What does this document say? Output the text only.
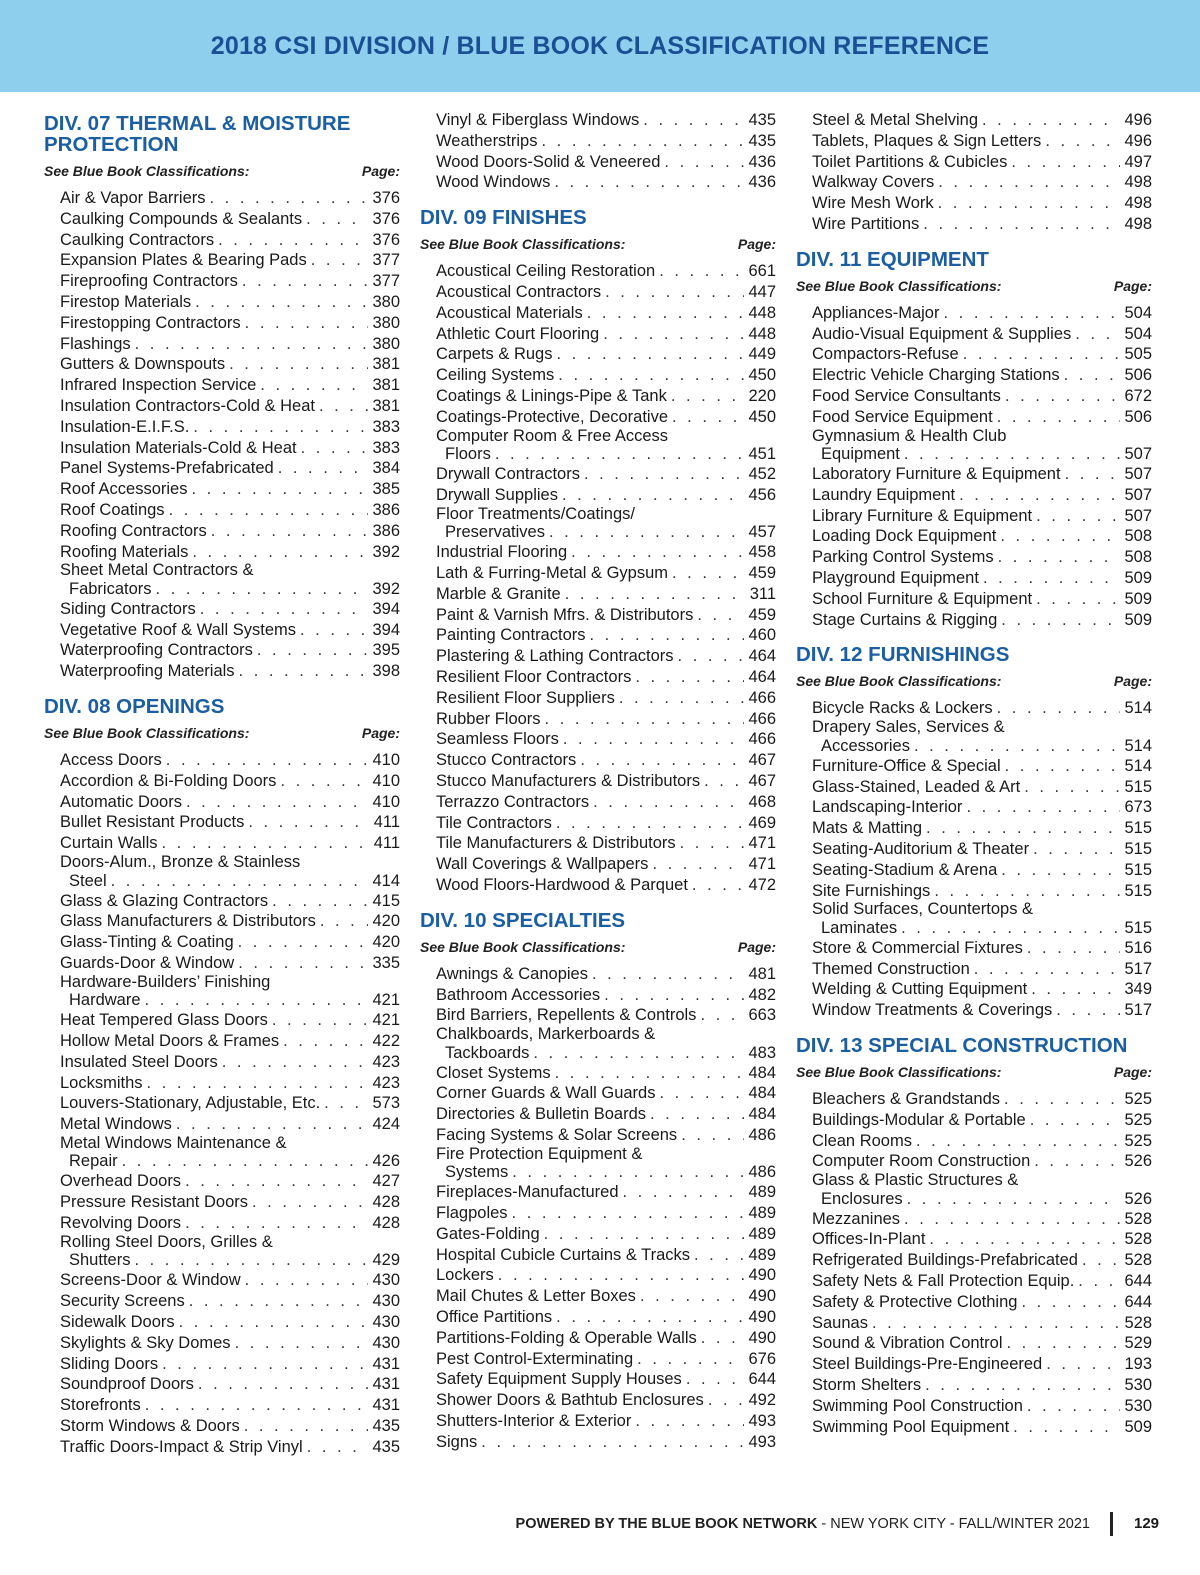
2018 CSI DIVISION / BLUE BOOK CLASSIFICATION REFERENCE
DIV. 07 THERMAL & MOISTURE PROTECTION
See Blue Book Classifications:	Page:
Air & Vapor Barriers . . .	376
Caulking Compounds & Sealants . . .	376
Caulking Contractors . . .	376
Expansion Plates & Bearing Pads . . .	377
Fireproofing Contractors . . .	377
Firestop Materials . . .	380
Firestopping Contractors . . .	380
Flashings . . .	380
Gutters & Downspouts . . .	381
Infrared Inspection Service . . .	381
Insulation Contractors-Cold & Heat . . .	381
Insulation-E.I.F.S. . . .	383
Insulation Materials-Cold & Heat . . .	383
Panel Systems-Prefabricated . . .	384
Roof Accessories . . .	385
Roof Coatings . . .	386
Roofing Contractors . . .	386
Roofing Materials . . .	392
Sheet Metal Contractors &
Fabricators . . .	392
Siding Contractors . . .	394
Vegetative Roof & Wall Systems . . .	394
Waterproofing Contractors . . .	395
Waterproofing Materials . . .	398
DIV. 08 OPENINGS
See Blue Book Classifications:	Page:
Access Doors . . .	410
Accordion & Bi-Folding Doors . . .	410
Automatic Doors . . .	410
Bullet Resistant Products . . .	411
Curtain Walls . . .	411
Doors-Alum., Bronze & Stainless
Steel . . .	414
Glass & Glazing Contractors . . .	415
Glass Manufacturers & Distributors . . .	420
Glass-Tinting & Coating . . .	420
Guards-Door & Window . . .	335
Hardware-Builders’ Finishing
Hardware . . .	421
Heat Tempered Glass Doors . . .	421
Hollow Metal Doors & Frames . . .	422
Insulated Steel Doors . . .	423
Locksmiths . . .	423
Louvers-Stationary, Adjustable, Etc. . . .	573
Metal Windows . . .	424
Metal Windows Maintenance &
Repair . . .	426
Overhead Doors . . .	427
Pressure Resistant Doors . . .	428
Revolving Doors . . .	428
Rolling Steel Doors, Grilles &
Shutters . . .	429
Screens-Door & Window . . .	430
Security Screens . . .	430
Sidewalk Doors . . .	430
Skylights & Sky Domes . . .	430
Sliding Doors . . .	431
Soundproof Doors . . .	431
Storefronts . . .	431
Storm Windows & Doors . . .	435
Traffic Doors-Impact & Strip Vinyl . . .	435
Vinyl & Fiberglass Windows . . .	435
Weatherstrips . . .	435
Wood Doors-Solid & Veneered . . .	436
Wood Windows . . .	436
DIV. 09 FINISHES
See Blue Book Classifications:	Page:
Acoustical Ceiling Restoration . . .	661
Acoustical Contractors . . .	447
Acoustical Materials . . .	448
Athletic Court Flooring . . .	448
Carpets & Rugs . . .	449
Ceiling Systems . . .	450
Coatings & Linings-Pipe & Tank . . .	220
Coatings-Protective, Decorative . . .	450
Computer Room & Free Access
Floors . . .	451
Drywall Contractors . . .	452
Drywall Supplies . . .	456
Floor Treatments/Coatings/
Preservatives . . .	457
Industrial Flooring . . .	458
Lath & Furring-Metal & Gypsum . . .	459
Marble & Granite . . .	311
Paint & Varnish Mfrs. & Distributors . . .	459
Painting Contractors . . .	460
Plastering & Lathing Contractors . . .	464
Resilient Floor Contractors . . .	464
Resilient Floor Suppliers . . .	466
Rubber Floors . . .	466
Seamless Floors . . .	466
Stucco Contractors . . .	467
Stucco Manufacturers & Distributors . . .	467
Terrazzo Contractors . . .	468
Tile Contractors . . .	469
Tile Manufacturers & Distributors . . .	471
Wall Coverings & Wallpapers . . .	471
Wood Floors-Hardwood & Parquet . . .	472
DIV. 10 SPECIALTIES
See Blue Book Classifications:	Page:
Awnings & Canopies . . .	481
Bathroom Accessories . . .	482
Bird Barriers, Repellents & Controls . . .	663
Chalkboards, Markerboards &
Tackboards . . .	483
Closet Systems . . .	484
Corner Guards & Wall Guards . . .	484
Directories & Bulletin Boards . . .	484
Facing Systems & Solar Screens . . .	486
Fire Protection Equipment &
Systems . . .	486
Fireplaces-Manufactured . . .	489
Flagpoles . . .	489
Gates-Folding . . .	489
Hospital Cubicle Curtains & Tracks . . .	489
Lockers . . .	490
Mail Chutes & Letter Boxes . . .	490
Office Partitions . . .	490
Partitions-Folding & Operable Walls . . .	490
Pest Control-Exterminating . . .	676
Safety Equipment Supply Houses . . .	644
Shower Doors & Bathtub Enclosures . . .	492
Shutters-Interior & Exterior . . .	493
Signs . . .	493
Steel & Metal Shelving . . .	496
Tablets, Plaques & Sign Letters . . .	496
Toilet Partitions & Cubicles . . .	497
Walkway Covers . . .	498
Wire Mesh Work . . .	498
Wire Partitions . . .	498
DIV. 11 EQUIPMENT
See Blue Book Classifications:	Page:
Appliances-Major . . .	504
Audio-Visual Equipment & Supplies . . .	504
Compactors-Refuse . . .	505
Electric Vehicle Charging Stations . . .	506
Food Service Consultants . . .	672
Food Service Equipment . . .	506
Gymnasium & Health Club
Equipment . . .	507
Laboratory Furniture & Equipment . . .	507
Laundry Equipment . . .	507
Library Furniture & Equipment . . .	507
Loading Dock Equipment . . .	508
Parking Control Systems . . .	508
Playground Equipment . . .	509
School Furniture & Equipment . . .	509
Stage Curtains & Rigging . . .	509
DIV. 12 FURNISHINGS
See Blue Book Classifications:	Page:
Bicycle Racks & Lockers . . .	514
Drapery Sales, Services &
Accessories . . .	514
Furniture-Office & Special . . .	514
Glass-Stained, Leaded & Art . . .	515
Landscaping-Interior . . .	673
Mats & Matting . . .	515
Seating-Auditorium & Theater . . .	515
Seating-Stadium & Arena . . .	515
Site Furnishings . . .	515
Solid Surfaces, Countertops &
Laminates . . .	515
Store & Commercial Fixtures . . .	516
Themed Construction . . .	517
Welding & Cutting Equipment . . .	349
Window Treatments & Coverings . . .	517
DIV. 13 SPECIAL CONSTRUCTION
See Blue Book Classifications:	Page:
Bleachers & Grandstands . . .	525
Buildings-Modular & Portable . . .	525
Clean Rooms . . .	525
Computer Room Construction . . .	526
Glass & Plastic Structures &
Enclosures . . .	526
Mezzanines . . .	528
Offices-In-Plant . . .	528
Refrigerated Buildings-Prefabricated . . .	528
Safety Nets & Fall Protection Equip. . . .	644
Safety & Protective Clothing . . .	644
Saunas . . .	528
Sound & Vibration Control . . .	529
Steel Buildings-Pre-Engineered . . .	193
Storm Shelters . . .	530
Swimming Pool Construction . . .	530
Swimming Pool Equipment . . .	509
POWERED BY THE BLUE BOOK NETWORK - NEW YORK CITY - FALL/WINTER 2021	129
